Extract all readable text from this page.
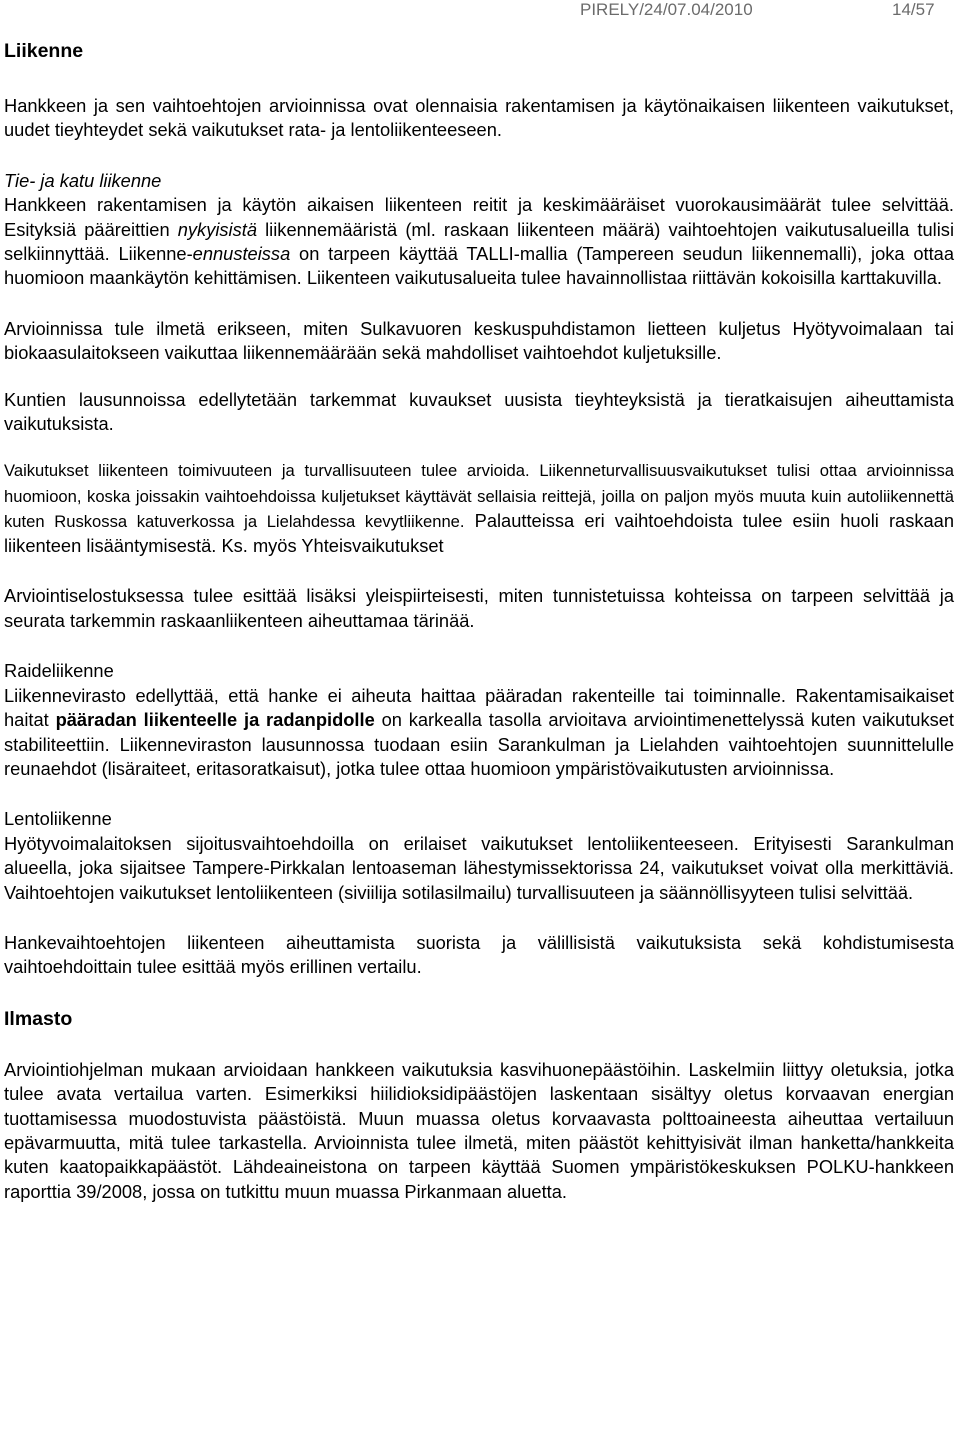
PIRELY/24/07.04/2010	14/57
Liikenne

Hankkeen ja sen vaihtoehtojen arvioinnissa ovat olennaisia rakentamisen ja käytönaikaisen liikenteen vaikutukset, uudet tieyhteydet sekä vaikutukset rata- ja lentoliikenteeseen.

Tie- ja katu liikenne
Hankkeen rakentamisen ja käytön aikaisen liikenteen reitit ja keskimääräiset vuorokausimäärät tulee selvittää. Esityksiä pääreittien nykyisistä liikennemääristä (ml. raskaan liikenteen määrä) vaihtoehtojen vaikutusalueilla tulisi selkiinnyttää. Liikenne-ennusteissa on tarpeen käyttää TALLI-mallia (Tampereen seudun liikennemalli), joka ottaa huomioon maankäytön kehittämisen. Liikenteen vaikutusalueita tulee havainnollistaa riittävän kokoisilla karttakuvilla.

Arvioinnissa tule ilmetä erikseen, miten Sulkavuoren keskuspuhdistamon lietteen kuljetus Hyötyvoimalaan tai biokaasulaitokseen vaikuttaa liikennemäärään sekä mahdolliset vaihtoehdot kuljetuksille.

Kuntien lausunnoissa edellytetään tarkemmat kuvaukset uusista tieyhteyksistä ja tieratkaisujen aiheuttamista vaikutuksista.

Vaikutukset liikenteen toimivuuteen ja turvallisuuteen tulee arvioida. Liikenneturvallisuusvaikutukset tulisi ottaa arvioinnissa huomioon, koska joissakin vaihtoehdoissa kuljetukset käyttävät sellaisia reittejä, joilla on paljon myös muuta kuin autoliikennettä kuten Ruskossa katuverkossa ja Lielahdessa kevytliikenne. Palautteissa eri vaihtoehdoista tulee esiin huoli raskaan liikenteen lisääntymisestä. Ks. myös Yhteisvaikutukset

Arviointiselostuksessa tulee esittää lisäksi yleispiirteisesti, miten tunnistetuissa kohteissa on tarpeen selvittää ja seurata tarkemmin raskaanliikenteen aiheuttamaa tärinää.

Raideliikenne
Liikennevirasto edellyttää, että hanke ei aiheuta haittaa pääradan rakenteille tai toiminnalle. Rakentamisaikaiset haitat pääradan liikenteelle ja radanpidolle on karkealla tasolla arvioitava arviointimenettelyssä kuten vaikutukset stabiliteettiin. Liikenneviraston lausunnossa tuodaan esiin Sarankulman ja Lielahden vaihtoehtojen suunnittelulle reunaehdot (lisäraiteet, eritasoratkaisut), jotka tulee ottaa huomioon ympäristövaikutusten arvioinnissa.

Lentoliikenne
Hyötyvoimalaitoksen sijoitusvaihtoehdoilla on erilaiset vaikutukset lentoliikenteeseen. Erityisesti Sarankulman alueella, joka sijaitsee Tampere-Pirkkalan lentoaseman lähestymissektorissa 24, vaikutukset voivat olla merkittäviä. Vaihtoehtojen vaikutukset lentoliikenteen (siviilija sotilasilmailu) turvallisuuteen ja säännöllisyyteen tulisi selvittää.

Hankevaihtoehtojen liikenteen aiheuttamista suorista ja välillisistä vaikutuksista sekä kohdistumisesta vaihtoehdoittain tulee esittää myös erillinen vertailu.

Ilmasto

Arviointiohjelman mukaan arvioidaan hankkeen vaikutuksia kasvihuonepäästöihin. Laskelmiin liittyy oletuksia, jotka tulee avata vertailua varten. Esimerkiksi hiilidioksidipäästöjen laskentaan sisältyy oletus korvaavan energian tuottamisessa muodostuvista päästöistä. Muun muassa oletus korvaavasta polttoaineesta aiheuttaa vertailuun epävarmuutta, mitä tulee tarkastella. Arvioinnista tulee ilmetä, miten päästöt kehittyisivät ilman hanketta/hankkeita kuten kaatopaikkapäästöt. Lähdeaineistona on tarpeen käyttää Suomen ympäristökeskuksen POLKU-hankkeen raporttia 39/2008, jossa on tutkittu muun muassa Pirkanmaan aluetta.
